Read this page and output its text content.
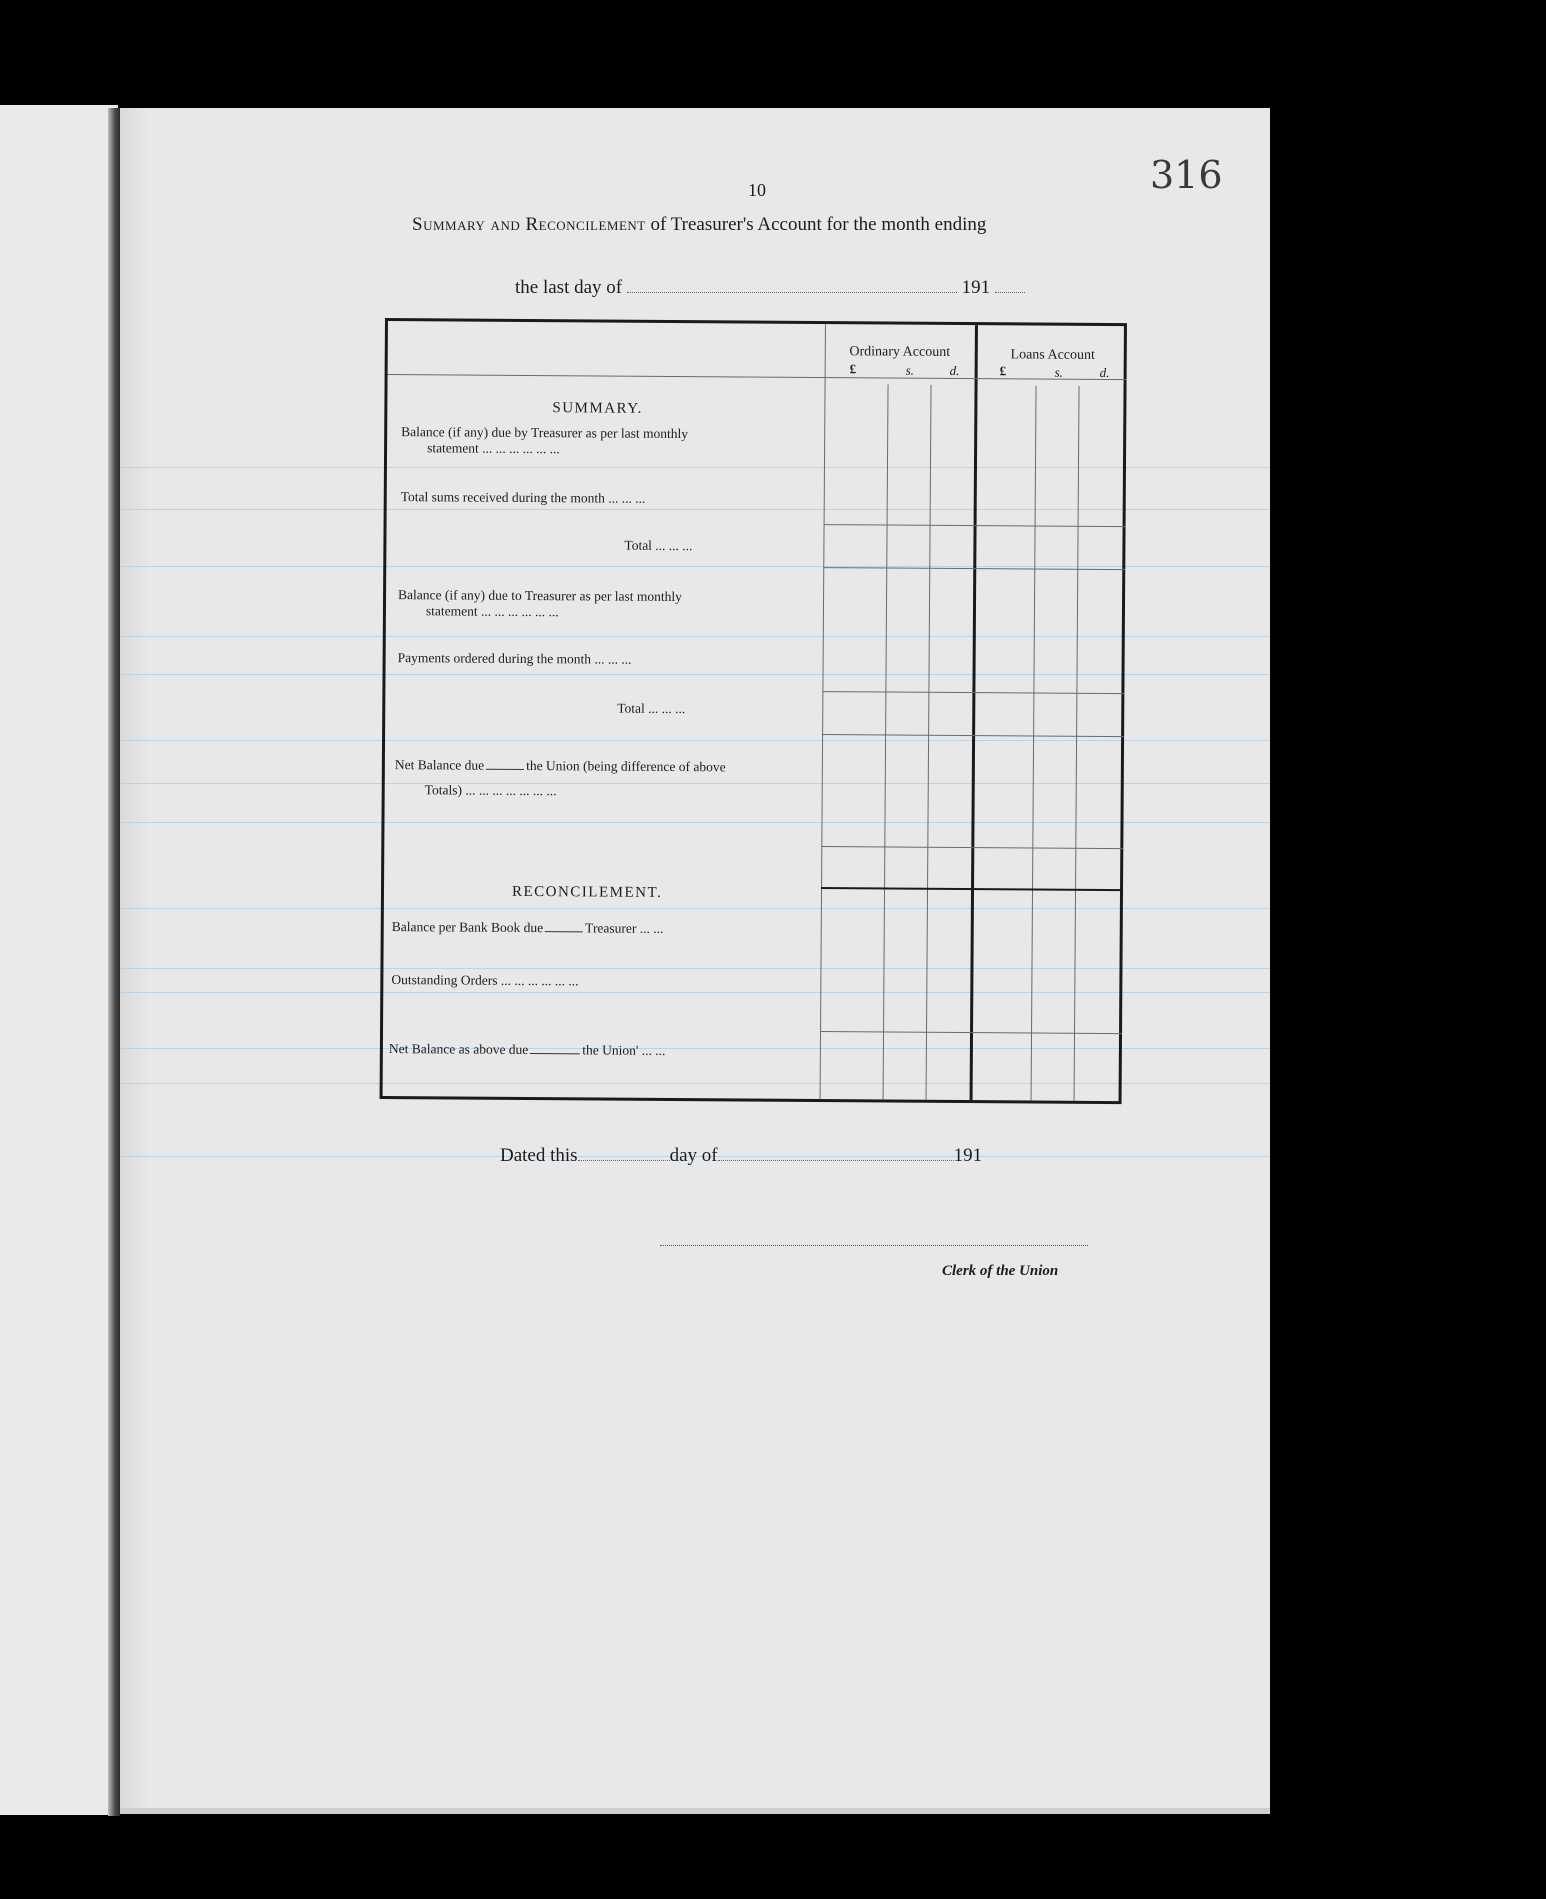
10	316
Summary and Reconcilement of Treasurer's Account for the month ending
the last day of	191
Ordinary Account	Loans Account
£	s.	d.	£	s.	d.
SUMMARY.
RECONCILEMENT.
Balance (if any) due by Treasurer as per last monthly
statement ... ... ... ... ... ...
Total sums received during the month ... ... ...
Total ... ... ...
Balance (if any) due to Treasurer as per last monthly
statement ... ... ... ... ... ...
Payments ordered during the month ... ... ...
Total ... ... ...
Net Balance due	the Union (being difference of above
Totals) ... ... ... ... ... ... ...
Balance per Bank Book due	Treasurer ... ...
Outstanding Orders ... ... ... ... ... ...
Net Balance as above due	the Union' ... ...
Dated this	day of	191
Clerk of the Union
